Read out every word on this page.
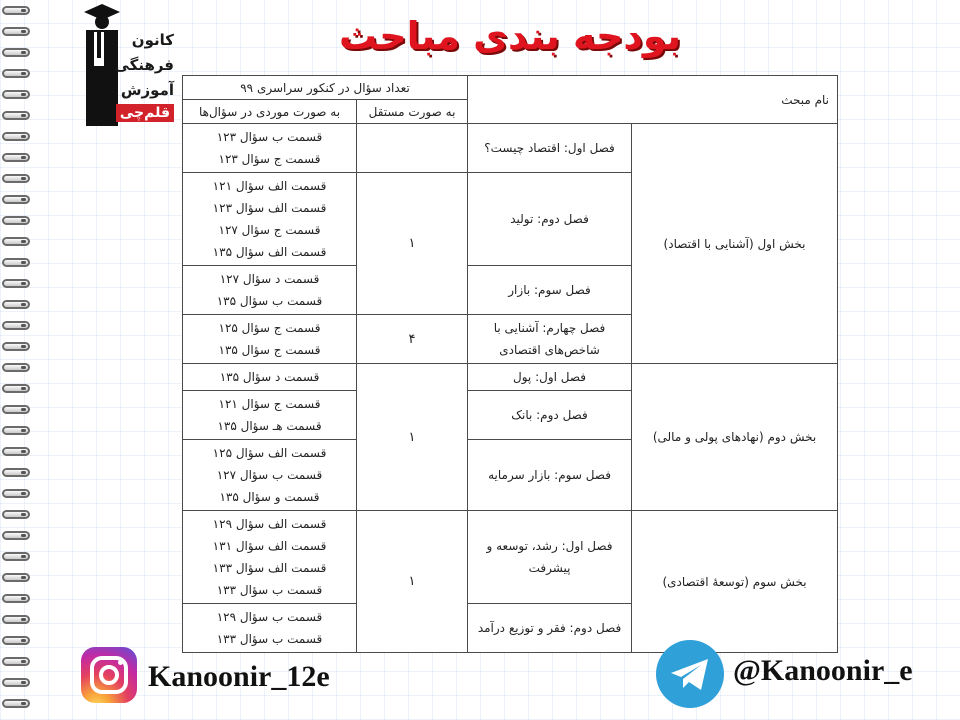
کانون
فرهنگی
آموزش
قلم‌چی
بودجه بندی مباحث
نام مبحث		تعداد سؤال در کنکور سراسری ۹۹	
		به صورت مستقل	به صورت موردی در سؤال‌ها
بخش اول (آشنایی با اقتصاد)	فصل اول: اقتصاد چیست؟		قسمت ب سؤال ۱۲۳
قسمت ج سؤال ۱۲۳

	فصل دوم: تولید	۱	قسمت الف سؤال ۱۲۱
قسمت الف سؤال ۱۲۳
قسمت ج سؤال ۱۲۷
قسمت الف سؤال ۱۳۵

	فصل سوم: بازار		قسمت د سؤال ۱۲۷
قسمت ب سؤال ۱۳۵

	فصل چهارم: آشنایی با شاخص‌های اقتصادی	۴	قسمت ج سؤال ۱۲۵
قسمت ج سؤال ۱۳۵

بخش دوم (نهادهای پولی و مالی)	فصل اول: پول	۱	قسمت د سؤال ۱۳۵

	فصل دوم: بانک		قسمت ج سؤال ۱۲۱
قسمت هـ سؤال ۱۳۵

	فصل سوم: بازار سرمایه		قسمت الف سؤال ۱۲۵
قسمت ب سؤال ۱۲۷
قسمت و سؤال ۱۳۵

بخش سوم (توسعهٔ اقتصادی)	فصل اول: رشد، توسعه و پیشرفت	۱	قسمت الف سؤال ۱۲۹
قسمت الف سؤال ۱۳۱
قسمت الف سؤال ۱۳۳
قسمت ب سؤال ۱۳۳

	فصل دوم: فقر و توزیع درآمد		قسمت ب سؤال ۱۲۹
قسمت ب سؤال ۱۳۳
Kanoonir_12e	@Kanoonir_e
